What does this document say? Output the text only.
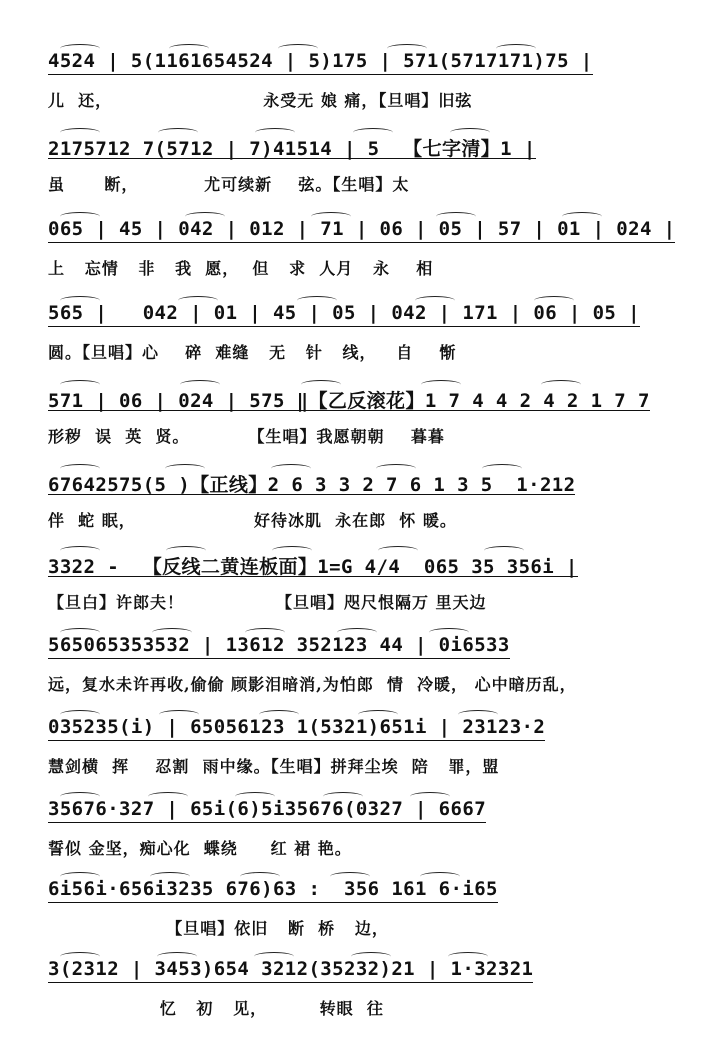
4524 | 5(1161654524 | 5)175 | 571(5717171)75 |
儿  还，                       永受无 娘 痛，【旦唱】旧弦
2175712 7(5712 | 7)41514 | 5  【七字清】1 |
虽      断，          尤可续新    弦。【生唱】太
065 | 45 | 042 | 012 | 71 | 06 | 05 | 57 | 01 | 024 |
上   忘情   非   我  愿，  但   求  人月   永    相
565 |   042 | 01 | 45 | 05 | 042 | 171 | 06 | 05 |
圆。【旦唱】心    碎  难缝   无   针   线，   自    惭
571 | 06 | 024 | 575 ‖【乙反滚花】1 7 4 4 2 4 2 1 7 7
形秽  误  英  贤。         【生唱】我愿朝朝    暮暮
67642575(5 )【正线】2 6 3 3 2 7 6 1 3 5  1·212
伴  蛇 眠，                  好待冰肌  永在郎  怀 暖。
3322 -  【反线二黄连板面】1=G 4/4  065 35 356i |
【旦白】许郎夫！              【旦唱】咫尺恨隔万 里天边
565065353532 | 13612 352123 44 | 0i6533
远，复水未许再收,偷偷 顾影泪暗消,为怕郎  情  冷暖， 心中暗历乱，
035235(i) | 65056123 1(5321)651i | 23123·2
慧剑横  挥    忍割  雨中缘。【生唱】拼拜尘埃  陪   罪，盟
35676·327 | 65i(6)5i35676(0327 | 6667
誓似 金坚，痴心化  蝶绕     红 裙 艳。
6i56i·656i3235 676)63 :  356 161 6·i65
【旦唱】依旧   断  桥   边，
3(2312 | 3453)654 3212(35232)21 | 1·32321
忆   初   见，        转眼  往
